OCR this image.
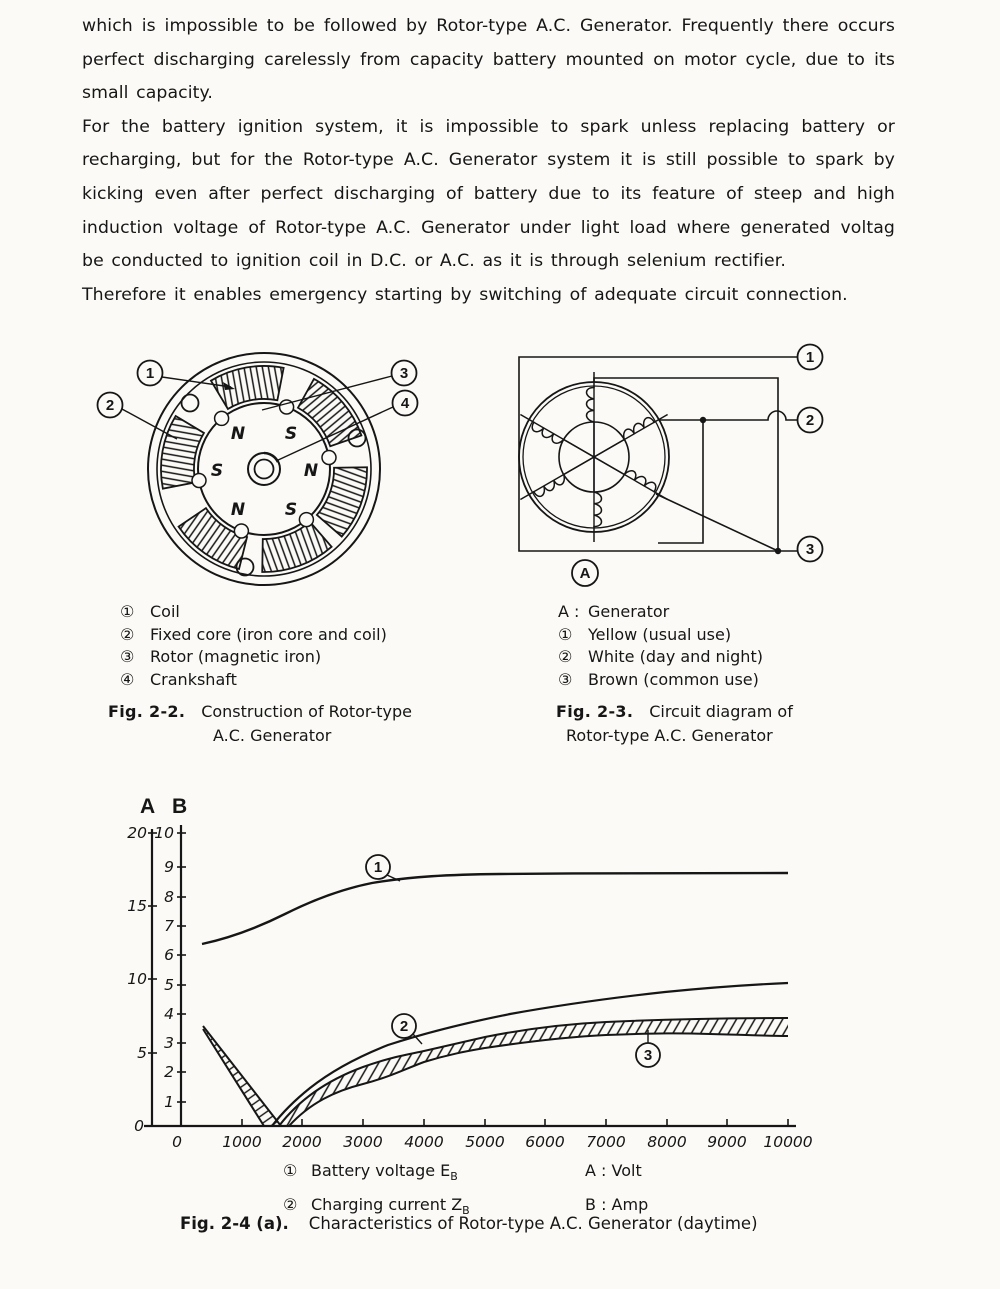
which is impossible to be followed by Rotor-type A.C. Generator. Frequently there occurs perfect discharging carelessly from capacity battery mounted on motor cycle, due to its small capacity.

For the battery ignition system, it is impossible to spark unless replacing battery or recharging, but for the Rotor-type A.C. Generator system it is still possible to spark by kicking even after perfect discharging of battery due to its feature of steep and high induction voltage of Rotor-type A.C. Generator under light load where generated voltag be conducted to ignition coil in D.C. or A.C. as it is through selenium rectifier.

Therefore it enables emergency starting by switching of adequate circuit connection.

N S
S	N
N S
1
2
3
4
① Coil
② Fixed core (iron core and coil)
③ Rotor (magnetic iron)
④ Crankshaft
Fig. 2-2. Construction of Rotor-type
A.C. Generator
1
2
3
A
A : Generator
① Yellow (usual use)
② White (day and night)
③ Brown (common use)
Fig. 2-3. Circuit diagram of
Rotor-type A.C. Generator
A B
20
15
10
5
0
10
9
8
7
6
5
4
3
2
1
0	1000 2000 3000 4000 5000 6000 7000 8000 9000 10000
1
2
3
① Battery voltage $E_B$	A : Volt
② Charging current $Z_B$	B : Amp
Fig. 2-4 (a). Characteristics of Rotor-type A.C. Generator (daytime)
